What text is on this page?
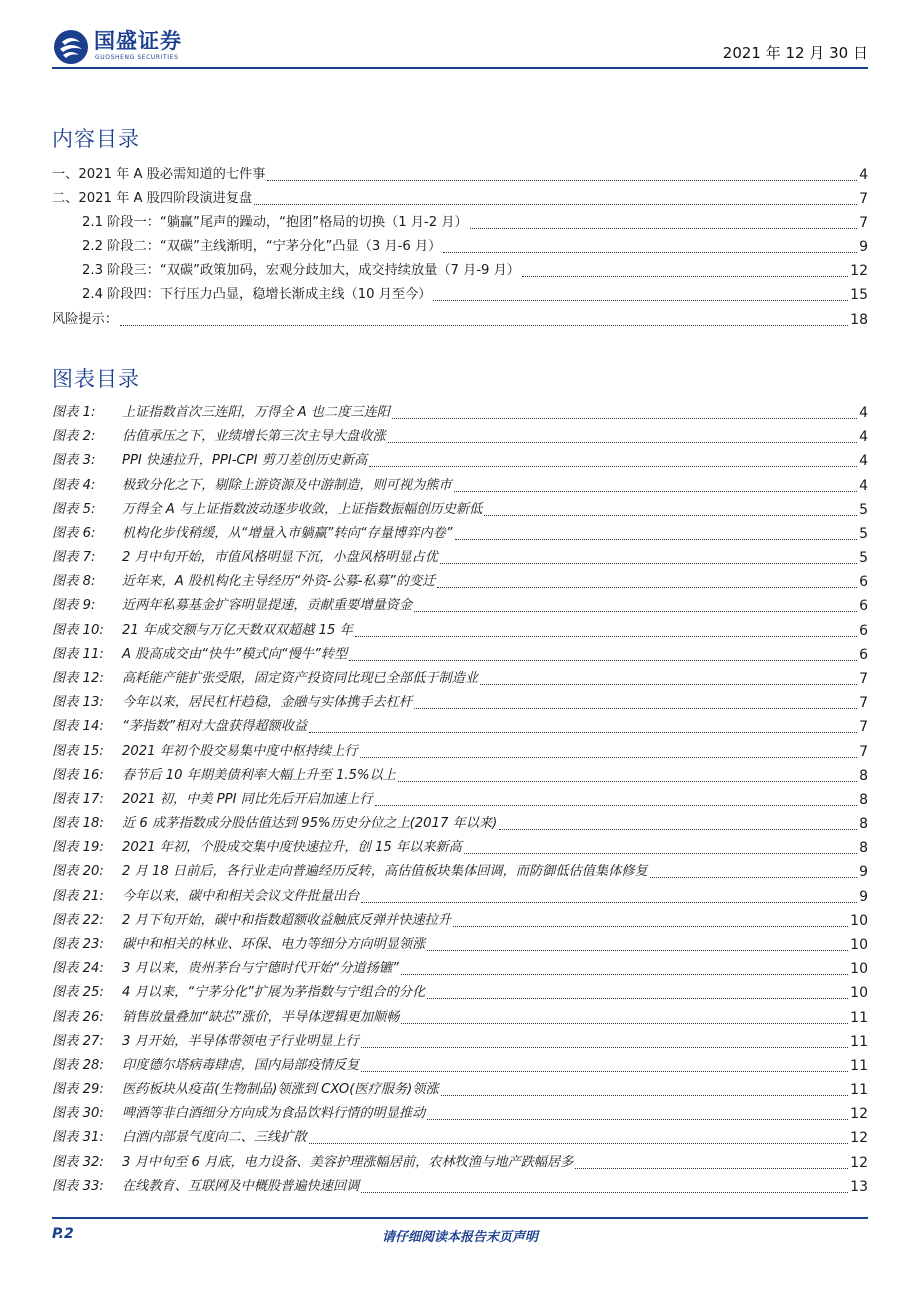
国盛证券
GUOSHENG SECURITIES	2021 年 12 月 30 日
内容目录
一、2021 年 A 股必需知道的七件事	4
二、2021 年 A 股四阶段演进复盘	7
2.1 阶段一：“躺赢”尾声的躁动，“抱团”格局的切换（1 月-2 月）	7
2.2 阶段二：“双碳”主线渐明，“宁茅分化”凸显（3 月-6 月）	9
2.3 阶段三：“双碳”政策加码，宏观分歧加大，成交持续放量（7 月-9 月）	12
2.4 阶段四：下行压力凸显，稳增长渐成主线（10 月至今）	15
风险提示：	18
图表目录
图表 1: 上证指数首次三连阳，万得全 A 也二度三连阳	4
图表 2: 估值承压之下，业绩增长第三次主导大盘收涨	4
图表 3: PPI 快速拉升，PPI-CPI 剪刀差创历史新高	4
图表 4: 极致分化之下，剔除上游资源及中游制造，则可视为熊市	4
图表 5: 万得全 A 与上证指数波动逐步收敛，上证指数振幅创历史新低	5
图表 6: 机构化步伐稍缓，从“增量入市躺赢”转向“存量博弈内卷”	5
图表 7: 2 月中旬开始，市值风格明显下沉，小盘风格明显占优	5
图表 8: 近年来，A 股机构化主导经历“外资-公募-私募”的变迁	6
图表 9: 近两年私募基金扩容明显提速，贡献重要增量资金	6
图表 10: 21 年成交额与万亿天数双双超越 15 年	6
图表 11: A 股高成交由“快牛”模式向“慢牛”转型	6
图表 12: 高耗能产能扩张受限，固定资产投资同比现已全部低于制造业	7
图表 13: 今年以来，居民杠杆趋稳，金融与实体携手去杠杆	7
图表 14: “茅指数”相对大盘获得超额收益	7
图表 15: 2021 年初个股交易集中度中枢持续上行	7
图表 16: 春节后 10 年期美债利率大幅上升至 1.5%以上	8
图表 17: 2021 初，中美 PPI 同比先后开启加速上行	8
图表 18: 近 6 成茅指数成分股估值达到 95%历史分位之上(2017 年以来)	8
图表 19: 2021 年初，个股成交集中度快速拉升，创 15 年以来新高	8
图表 20: 2 月 18 日前后，各行业走向普遍经历反转，高估值板块集体回调，而防御低估值集体修复	9
图表 21: 今年以来，碳中和相关会议文件批量出台	9
图表 22: 2 月下旬开始，碳中和指数超额收益触底反弹并快速拉升	10
图表 23: 碳中和相关的林业、环保、电力等细分方向明显领涨	10
图表 24: 3 月以来，贵州茅台与宁德时代开始“分道扬镳”	10
图表 25: 4 月以来，“宁茅分化”扩展为茅指数与宁组合的分化	10
图表 26: 销售放量叠加“缺芯”涨价，半导体逻辑更加顺畅	11
图表 27: 3 月开始，半导体带领电子行业明显上行	11
图表 28: 印度德尔塔病毒肆虐，国内局部疫情反复	11
图表 29: 医药板块从疫苗(生物制品)领涨到 CXO(医疗服务)领涨	11
图表 30: 啤酒等非白酒细分方向成为食品饮料行情的明显推动	12
图表 31: 白酒内部景气度向二、三线扩散	12
图表 32: 3 月中旬至 6 月底，电力设备、美容护理涨幅居前，农林牧渔与地产跌幅居多	12
图表 33: 在线教育、互联网及中概股普遍快速回调	13
请仔细阅读本报告末页声明
P.2
